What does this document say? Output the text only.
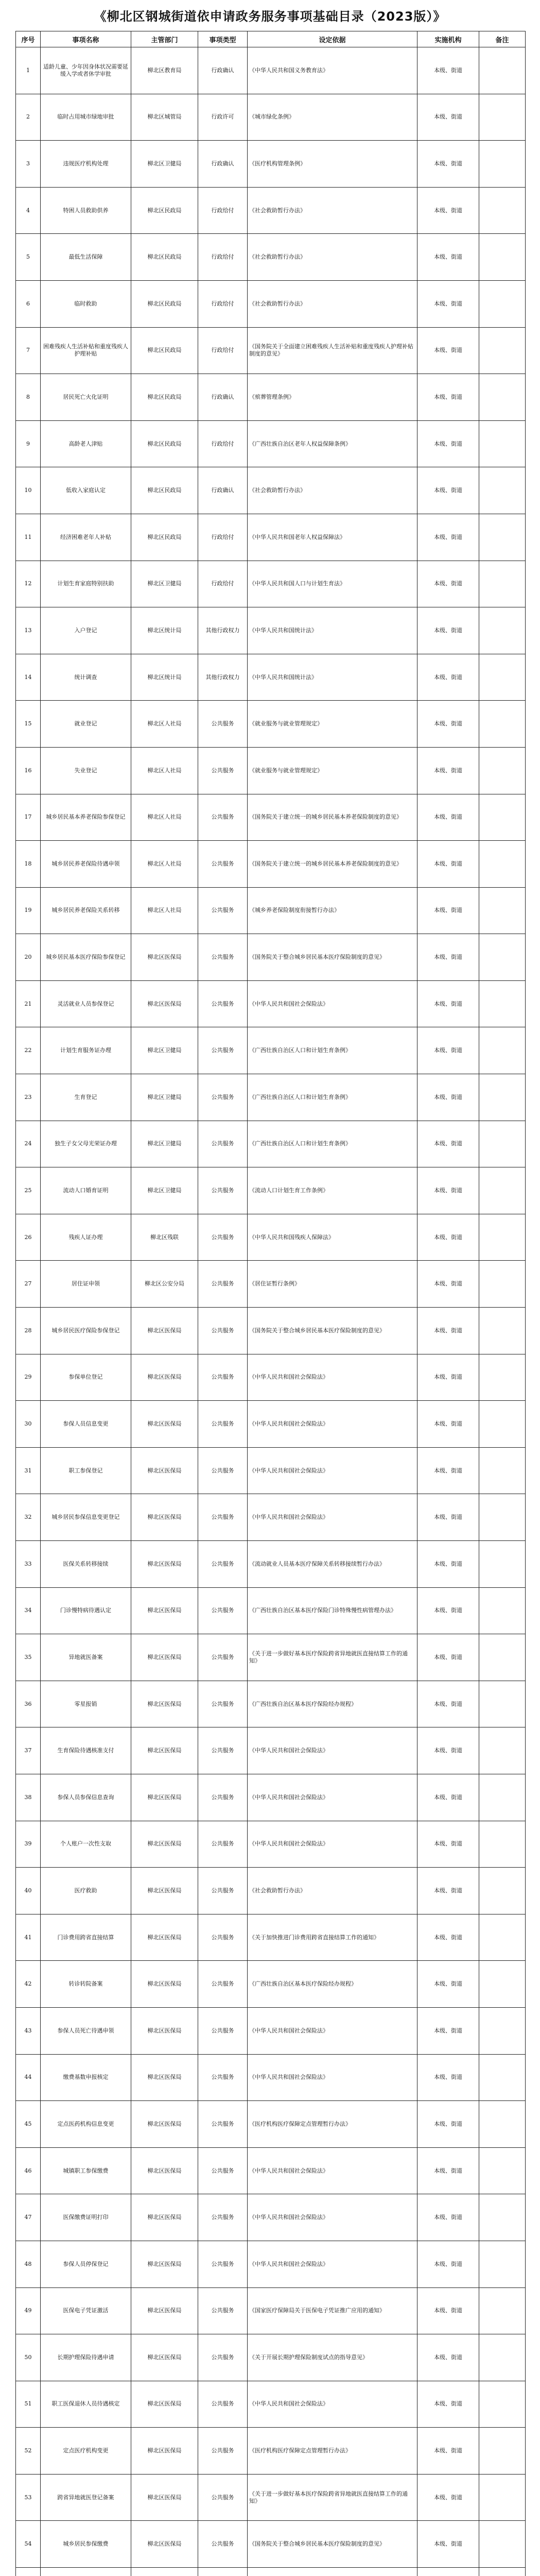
《柳北区钢城街道依申请政务服务事项基础目录（2023版）》
序号	事项名称	主管部门	事项类型	设定依据	实施机构	备注
1	适龄儿童、少年因身体状况需要延缓入学或者休学审批	柳北区教育局	行政确认	《中华人民共和国义务教育法》	本级、街道	
2	临时占用城市绿地审批	柳北区城管局	行政许可	《城市绿化条例》	本级、街道	
3	违规医疗机构处理	柳北区卫健局	行政确认	《医疗机构管理条例》	本级、街道	
4	特困人员救助供养	柳北区民政局	行政给付	《社会救助暂行办法》	本级、街道	
5	最低生活保障	柳北区民政局	行政给付	《社会救助暂行办法》	本级、街道	
6	临时救助	柳北区民政局	行政给付	《社会救助暂行办法》	本级、街道	
7	困难残疾人生活补贴和重度残疾人护理补贴	柳北区民政局	行政给付	《国务院关于全面建立困难残疾人生活补贴和重度残疾人护理补贴制度的意见》	本级、街道	
8	居民死亡火化证明	柳北区民政局	行政确认	《殡葬管理条例》	本级、街道	
9	高龄老人津贴	柳北区民政局	行政给付	《广西壮族自治区老年人权益保障条例》	本级、街道	
10	低收入家庭认定	柳北区民政局	行政确认	《社会救助暂行办法》	本级、街道	
11	经济困难老年人补贴	柳北区民政局	行政给付	《中华人民共和国老年人权益保障法》	本级、街道	
12	计划生育家庭特别扶助	柳北区卫健局	行政给付	《中华人民共和国人口与计划生育法》	本级、街道	
13	入户登记	柳北区统计局	其他行政权力	《中华人民共和国统计法》	本级、街道	
14	统计调查	柳北区统计局	其他行政权力	《中华人民共和国统计法》	本级、街道	
15	就业登记	柳北区人社局	公共服务	《就业服务与就业管理规定》	本级、街道	
16	失业登记	柳北区人社局	公共服务	《就业服务与就业管理规定》	本级、街道	
17	城乡居民基本养老保险参保登记	柳北区人社局	公共服务	《国务院关于建立统一的城乡居民基本养老保险制度的意见》	本级、街道	
18	城乡居民养老保险待遇申领	柳北区人社局	公共服务	《国务院关于建立统一的城乡居民基本养老保险制度的意见》	本级、街道	
19	城乡居民养老保险关系转移	柳北区人社局	公共服务	《城乡养老保险制度衔接暂行办法》	本级、街道	
20	城乡居民基本医疗保险参保登记	柳北区医保局	公共服务	《国务院关于整合城乡居民基本医疗保险制度的意见》	本级、街道	
21	灵活就业人员参保登记	柳北区医保局	公共服务	《中华人民共和国社会保险法》	本级、街道	
22	计划生育服务证办理	柳北区卫健局	公共服务	《广西壮族自治区人口和计划生育条例》	本级、街道	
23	生育登记	柳北区卫健局	公共服务	《广西壮族自治区人口和计划生育条例》	本级、街道	
24	独生子女父母光荣证办理	柳北区卫健局	公共服务	《广西壮族自治区人口和计划生育条例》	本级、街道	
25	流动人口婚育证明	柳北区卫健局	公共服务	《流动人口计划生育工作条例》	本级、街道	
26	残疾人证办理	柳北区残联	公共服务	《中华人民共和国残疾人保障法》	本级、街道	
27	居住证申领	柳北区公安分局	公共服务	《居住证暂行条例》	本级、街道	
28	城乡居民医疗保险参保登记	柳北区医保局	公共服务	《国务院关于整合城乡居民基本医疗保险制度的意见》	本级、街道	
29	参保单位登记	柳北区医保局	公共服务	《中华人民共和国社会保险法》	本级、街道	
30	参保人员信息变更	柳北区医保局	公共服务	《中华人民共和国社会保险法》	本级、街道	
31	职工参保登记	柳北区医保局	公共服务	《中华人民共和国社会保险法》	本级、街道	
32	城乡居民参保信息变更登记	柳北区医保局	公共服务	《中华人民共和国社会保险法》	本级、街道	
33	医保关系转移接续	柳北区医保局	公共服务	《流动就业人员基本医疗保障关系转移接续暂行办法》	本级、街道	
34	门诊慢特病待遇认定	柳北区医保局	公共服务	《广西壮族自治区基本医疗保险门诊特殊慢性病管理办法》	本级、街道	
35	异地就医备案	柳北区医保局	公共服务	《关于进一步做好基本医疗保险跨省异地就医直接结算工作的通知》	本级、街道	
36	零星报销	柳北区医保局	公共服务	《广西壮族自治区基本医疗保险经办规程》	本级、街道	
37	生育保险待遇核准支付	柳北区医保局	公共服务	《中华人民共和国社会保险法》	本级、街道	
38	参保人员参保信息查询	柳北区医保局	公共服务	《中华人民共和国社会保险法》	本级、街道	
39	个人账户一次性支取	柳北区医保局	公共服务	《中华人民共和国社会保险法》	本级、街道	
40	医疗救助	柳北区医保局	公共服务	《社会救助暂行办法》	本级、街道	
41	门诊费用跨省直接结算	柳北区医保局	公共服务	《关于加快推进门诊费用跨省直接结算工作的通知》	本级、街道	
42	转诊转院备案	柳北区医保局	公共服务	《广西壮族自治区基本医疗保险经办规程》	本级、街道	
43	参保人员死亡待遇申领	柳北区医保局	公共服务	《中华人民共和国社会保险法》	本级、街道	
44	缴费基数申报核定	柳北区医保局	公共服务	《中华人民共和国社会保险法》	本级、街道	
45	定点医药机构信息变更	柳北区医保局	公共服务	《医疗机构医疗保障定点管理暂行办法》	本级、街道	
46	城镇职工参保缴费	柳北区医保局	公共服务	《中华人民共和国社会保险法》	本级、街道	
47	医保缴费证明打印	柳北区医保局	公共服务	《中华人民共和国社会保险法》	本级、街道	
48	参保人员停保登记	柳北区医保局	公共服务	《中华人民共和国社会保险法》	本级、街道	
49	医保电子凭证激活	柳北区医保局	公共服务	《国家医疗保障局关于医保电子凭证推广应用的通知》	本级、街道	
50	长期护理保险待遇申请	柳北区医保局	公共服务	《关于开展长期护理保险制度试点的指导意见》	本级、街道	
51	职工医保退休人员待遇核定	柳北区医保局	公共服务	《中华人民共和国社会保险法》	本级、街道	
52	定点医疗机构变更	柳北区医保局	公共服务	《医疗机构医疗保障定点管理暂行办法》	本级、街道	
53	跨省异地就医登记备案	柳北区医保局	公共服务	《关于进一步做好基本医疗保险跨省异地就医直接结算工作的通知》	本级、街道	
54	城乡居民参保缴费	柳北区医保局	公共服务	《国务院关于整合城乡居民基本医疗保险制度的意见》	本级、街道	
